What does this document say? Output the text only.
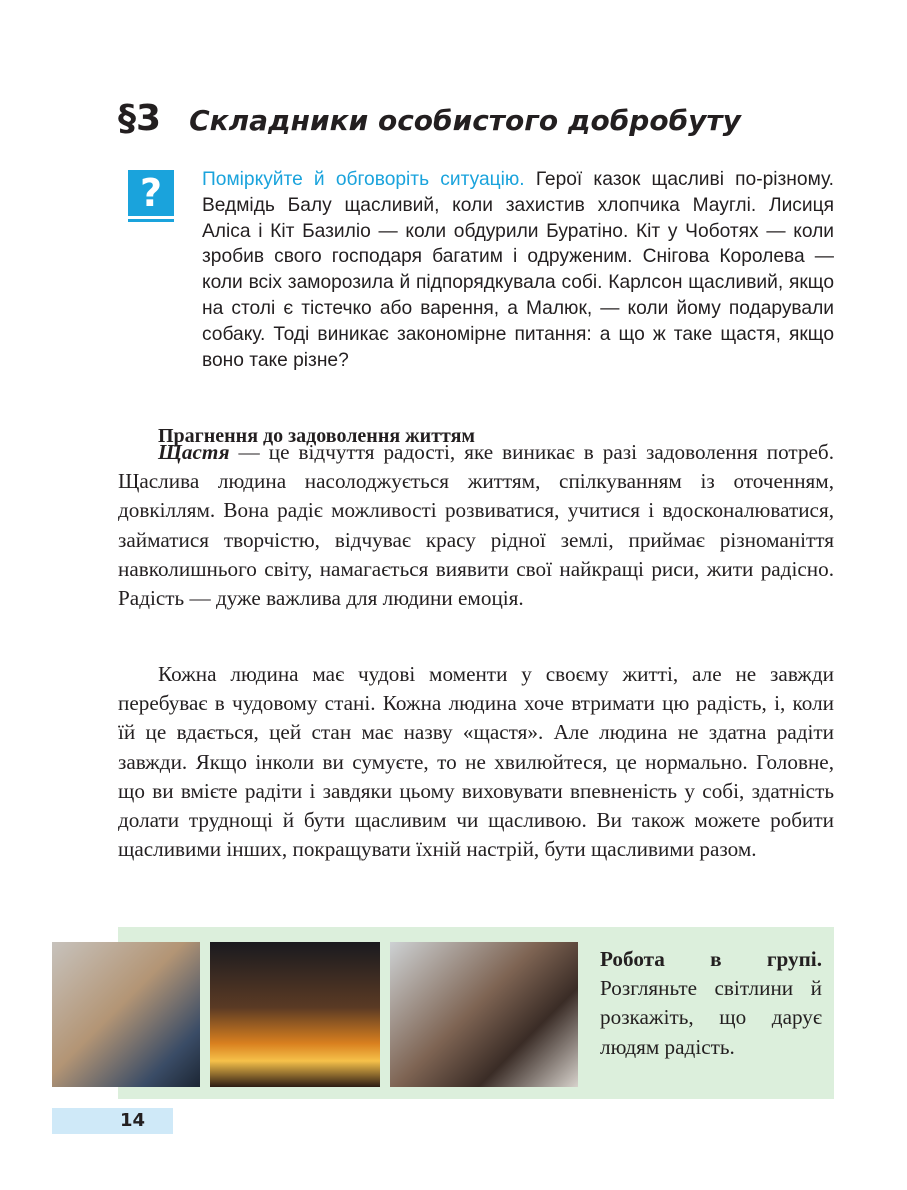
§3 Складники особистого добробуту
?	Поміркуйте й обговоріть ситуацію. Герої казок щасливі по-різному. Ведмідь Балу щасливий, коли захистив хлопчика Мауглі. Лисиця Аліса і Кіт Базиліо — коли обдурили Буратіно. Кіт у Чоботях — коли зробив свого господаря багатим і одруженим. Снігова Королева — коли всіх заморозила й підпорядкувала собі. Карлсон щасливий, якщо на столі є тістечко або варення, а Малюк, — коли йому подарували собаку. Тоді виникає закономірне питання: а що ж таке щастя, якщо воно таке різне?
Прагнення до задоволення життям

Щастя — це відчуття радості, яке виникає в разі задоволення потреб. Щаслива людина насолоджується життям, спілкуванням із оточенням, довкіллям. Вона радіє можливості розвиватися, учитися і вдосконалюватися, займатися творчістю, відчуває красу рідної землі, приймає різноманіття навколишнього світу, намагається виявити свої найкращі риси, жити радісно. Радість — дуже важлива для людини емоція.

Кожна людина має чудові моменти у своєму житті, але не завжди перебуває в чудовому стані. Кожна людина хоче втримати цю радість, і, коли їй це вдається, цей стан має назву «щастя». Але людина не здатна радіти завжди. Якщо інколи ви сумуєте, то не хвилюйтеся, це нормально. Головне, що ви вмієте радіти і завдяки цьому виховувати впевненість у собі, здатність долати труднощі й бути щасливим чи щасливою. Ви також можете робити щасливими інших, покращувати їхній настрій, бути щасливими разом.

Робота в групі. Розгляньте світлини й розкажіть, що дарує людям радість.
14
